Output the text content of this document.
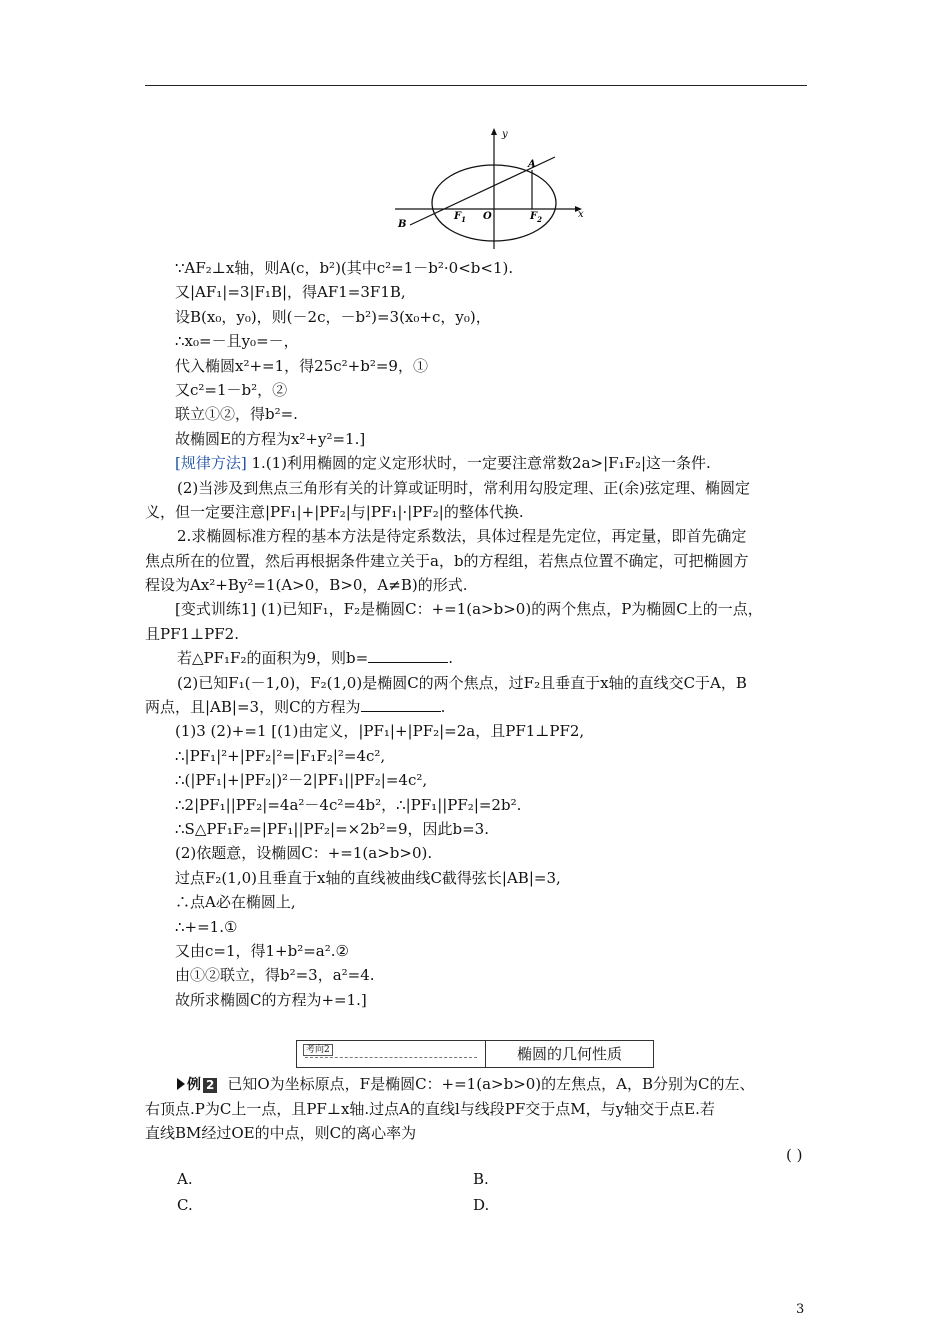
y
x
A
B
$F_1$ O	$F_2$
∵AF₂⊥x轴，则A(c，b²)(其中c²=1－b²·0<b<1).
又|AF₁|=3|F₁B|，得AF1=3F1B,
设B(x₀，y₀)，则(－2c，－b²)=3(x₀+c，y₀)，
∴x₀=－且y₀=－，
代入椭圆x²+=1，得25c²+b²=9，①
又c²=1－b²，②
联立①②，得b²=.
故椭圆E的方程为x²+y²=1.]
[规律方法] 1.(1)利用椭圆的定义定形状时，一定要注意常数2a>|F₁F₂|这一条件.
(2)当涉及到焦点三角形有关的计算或证明时，常利用勾股定理、正(余)弦定理、椭圆定
义，但一定要注意|PF₁|+|PF₂|与|PF₁|·|PF₂|的整体代换.
2.求椭圆标准方程的基本方法是待定系数法，具体过程是先定位，再定量，即首先确定
焦点所在的位置，然后再根据条件建立关于a，b的方程组，若焦点位置不确定，可把椭圆方
程设为Ax²+By²=1(A>0，B>0，A≠B)的形式.
[变式训练1] (1)已知F₁，F₂是椭圆C：+=1(a>b>0)的两个焦点，P为椭圆C上的一点，
且PF1⊥PF2.
若△PF₁F₂的面积为9，则b=	.
(2)已知F₁(－1,0)，F₂(1,0)是椭圆C的两个焦点，过F₂且垂直于x轴的直线交C于A，B
两点，且|AB|=3，则C的方程为	.
(1)3 (2)+=1 [(1)由定义，|PF₁|+|PF₂|=2a，且PF1⊥PF2,
∴|PF₁|²+|PF₂|²=|F₁F₂|²=4c²,
∴(|PF₁|+|PF₂|)²－2|PF₁||PF₂|=4c²,
∴2|PF₁||PF₂|=4a²－4c²=4b²，∴|PF₁||PF₂|=2b².
∴S△PF₁F₂=|PF₁||PF₂|=×2b²=9，因此b=3.
(2)依题意，设椭圆C：+=1(a>b>0).
过点F₂(1,0)且垂直于x轴的直线被曲线C截得弦长|AB|=3,
∴点A必在椭圆上,
∴+=1.①
又由c=1，得1+b²=a².②
由①②联立，得b²=3，a²=4.
故所求椭圆C的方程为+=1.]
考向2	椭圆的几何性质
例 2 已知O为坐标原点，F是椭圆C：+=1(a>b>0)的左焦点，A，B分别为C的左、
右顶点.P为C上一点，且PF⊥x轴.过点A的直线l与线段PF交于点M，与y轴交于点E.若
直线BM经过OE的中点，则C的离心率为
( )
A.	B.
C.	D.
3
